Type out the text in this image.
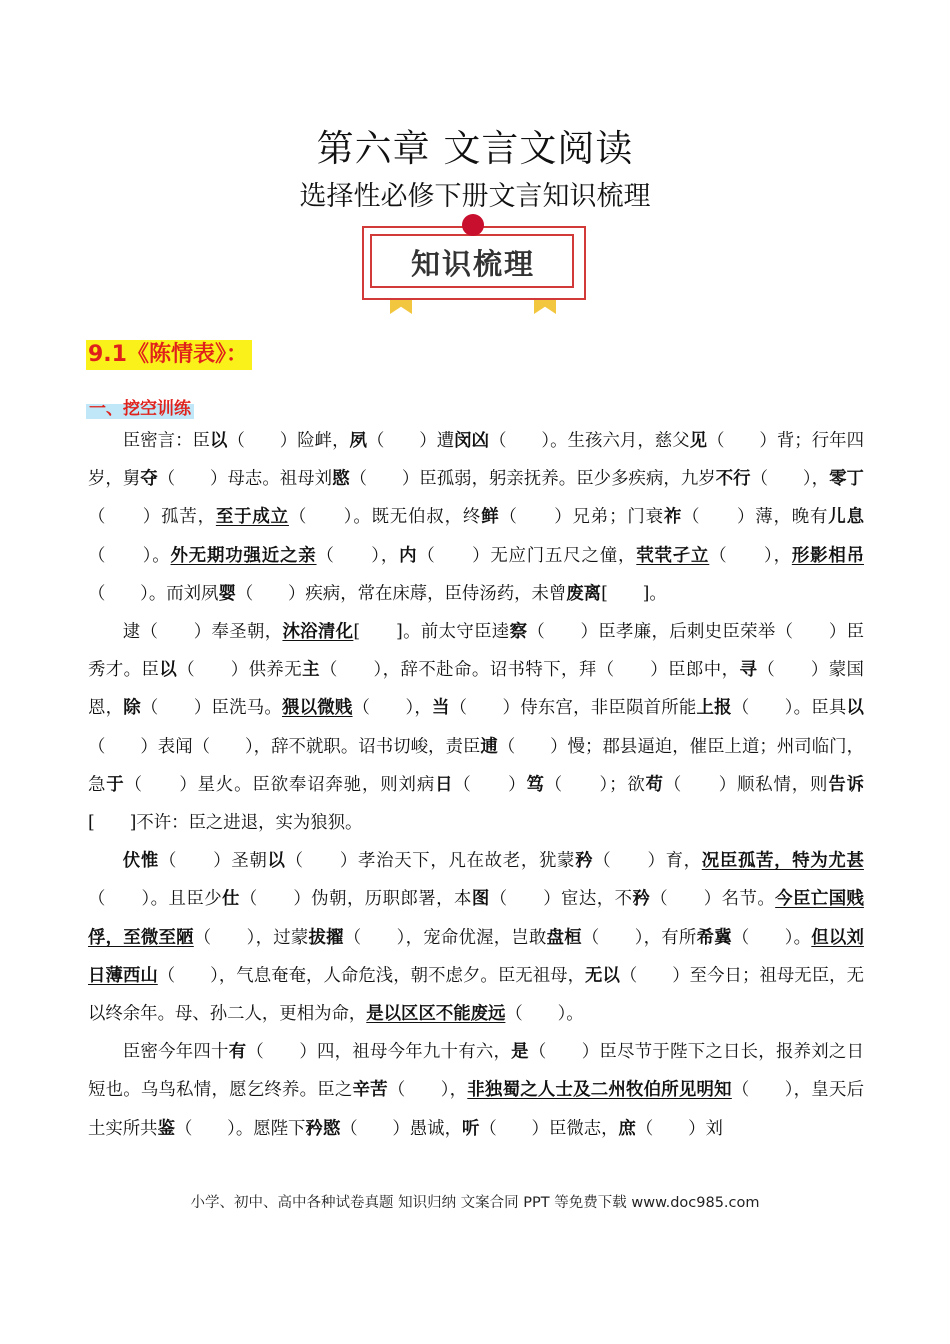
第六章 文言文阅读
选择性必修下册文言知识梳理
知识梳理
9.1《陈情表》：
一、挖空训练

臣密言：臣以（　　）险衅，夙（　　）遭闵凶（　　）。生孩六月，慈父见（　　）背；行年四岁，舅夺（　　）母志。祖母刘愍（　　）臣孤弱，躬亲抚养。臣少多疾病，九岁不行（　　），零丁（　　）孤苦，至于成立（　　）。既无伯叔，终鲜（　　）兄弟；门衰祚（　　）薄，晚有儿息（　　）。外无期功强近之亲（　　），内（　　）无应门五尺之僮，茕茕孑立（　　），形影相吊（　　）。而刘夙婴（　　）疾病，常在床蓐，臣侍汤药，未曾废离[　　]。

逮（　　）奉圣朝，沐浴清化[　　]。前太守臣逵察（　　）臣孝廉，后刺史臣荣举（　　）臣秀才。臣以（　　）供养无主（　　），辞不赴命。诏书特下，拜（　　）臣郎中，寻（　　）蒙国恩，除（　　）臣洗马。猥以微贱（　　），当（　　）侍东宫，非臣陨首所能上报（　　）。臣具以（　　）表闻（　　），辞不就职。诏书切峻，责臣逋（　　）慢；郡县逼迫，催臣上道；州司临门，急于（　　）星火。臣欲奉诏奔驰，则刘病日（　　）笃（　　）；欲苟（　　）顺私情，则告诉[　　]不许：臣之进退，实为狼狈。

伏惟（　　）圣朝以（　　）孝治天下，凡在故老，犹蒙矜（　　）育，况臣孤苦，特为尤甚（　　）。且臣少仕（　　）伪朝，历职郎署，本图（　　）宦达，不矜（　　）名节。今臣亡国贱俘，至微至陋（　　），过蒙拔擢（　　），宠命优渥，岂敢盘桓（　　），有所希冀（　　）。但以刘日薄西山（　　），气息奄奄，人命危浅，朝不虑夕。臣无祖母，无以（　　）至今日；祖母无臣，无以终余年。母、孙二人，更相为命，是以区区不能废远（　　）。

臣密今年四十有（　　）四，祖母今年九十有六，是（　　）臣尽节于陛下之日长，报养刘之日短也。乌鸟私情，愿乞终养。臣之辛苦（　　），非独蜀之人士及二州牧伯所见明知（　　），皇天后土实所共鉴（　　）。愿陛下矜愍（　　）愚诚，听（　　）臣微志，庶（　　）刘

小学、初中、高中各种试卷真题 知识归纳 文案合同 PPT 等免费下载 www.doc985.com
